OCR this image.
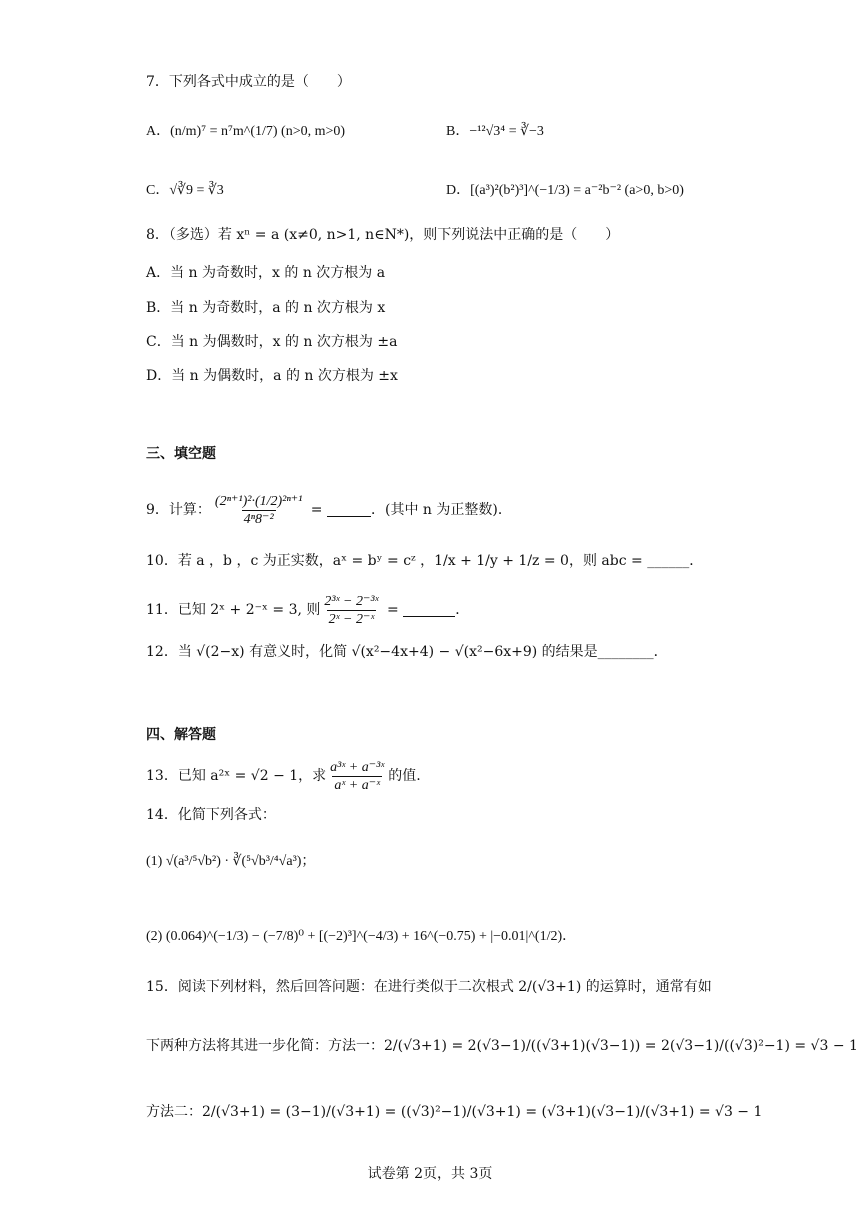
7．下列各式中成立的是（　　）
A．(n/m)⁷ = n⁷m^(1/7) (n>0, m>0)	B．−¹²√3⁴ = ∛−3
C．√∛9 = ∛3	D．[(a³)²(b²)³]^(−1/3) = a⁻²b⁻² (a>0, b>0)
8．（多选）若 xⁿ = a (x≠0, n>1, n∈N*)，则下列说法中正确的是（　　）
A．当 n 为奇数时，x 的 n 次方根为 a
B．当 n 为奇数时，a 的 n 次方根为 x
C．当 n 为偶数时，x 的 n 次方根为 ±a
D．当 n 为偶数时，a 的 n 次方根为 ±x
三、填空题
9．计算： $\frac{\text{(2ⁿ⁺¹)²·(1/2)²ⁿ⁺¹}}{\text{4ⁿ8⁻²}}$ =	．(其中 n 为正整数)．
10．若 a ，b ，c 为正实数，aˣ = bʸ = cᶻ ，1/x + 1/y + 1/z = 0，则 abc = ______．
11．已知 2ˣ + 2⁻ˣ = 3, 则 $\frac{\text{2³ˣ − 2⁻³ˣ}}{\text{2ˣ − 2⁻ˣ}}$ =	．
12．当 √(2−x) 有意义时，化简 √(x²−4x+4) − √(x²−6x+9) 的结果是________．
四、解答题
13．已知 a²ˣ = √2 − 1，求 $\frac{\text{a³ˣ + a⁻³ˣ}}{\text{aˣ + a⁻ˣ}}$ 的值.
14．化简下列各式：
(1) √(a³/⁵√b²) · ∛(⁵√b³/⁴√a³)；
(2) (0.064)^(−1/3) − (−7/8)⁰ + [(−2)³]^(−4/3) + 16^(−0.75) + |−0.01|^(1/2)．
15．阅读下列材料，然后回答问题：在进行类似于二次根式 2/(√3+1) 的运算时，通常有如
下两种方法将其进一步化简：方法一：2/(√3+1) = 2(√3−1)/((√3+1)(√3−1)) = 2(√3−1)/((√3)²−1) = √3 − 1
方法二：2/(√3+1) = (3−1)/(√3+1) = ((√3)²−1)/(√3+1) = (√3+1)(√3−1)/(√3+1) = √3 − 1
试卷第 2页，共 3页
